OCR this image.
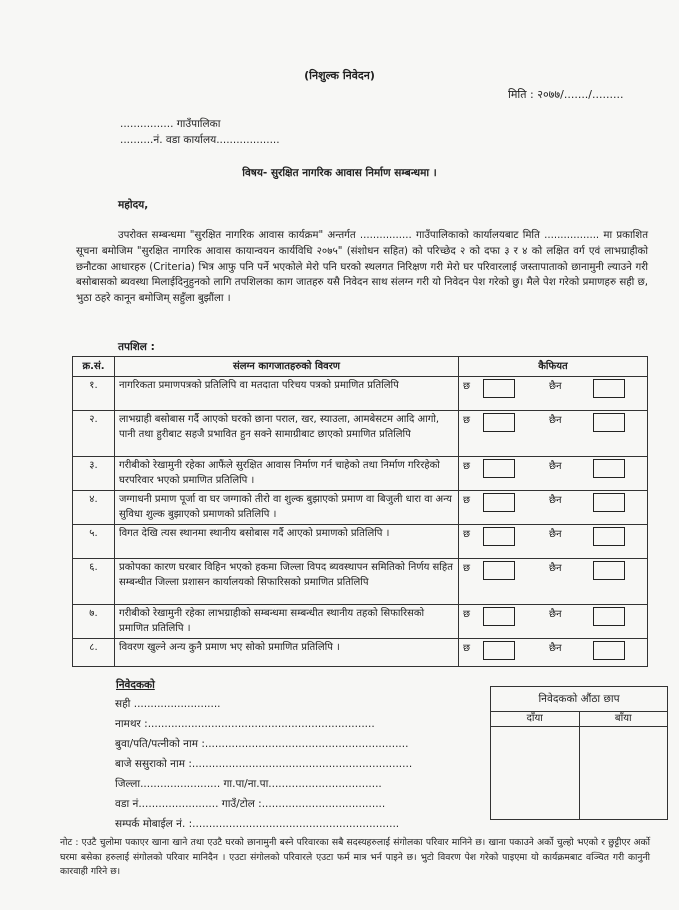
(निशुल्क निवेदन)
मिति : २०७७/......./.........
................ गाउँपालिका
..........नं. वडा कार्यालय...................
विषय- सुरक्षित नागरिक आवास निर्माण सम्बन्धमा ।
महोदय,
उपरोक्त सम्बन्धमा "सुरक्षित नागरिक आवास कार्यक्रम" अन्तर्गत ................ गाउँपालिकाको कार्यालयबाट मिति ................. मा प्रकाशित सूचना बमोजिम "सुरक्षित नागरिक आवास कायान्वयन कार्यविधि २०७५" (संशोधन सहित) को परिच्छेद २ को दफा ३ र ४ को लक्षित वर्ग एवं लाभग्राहीको छनौटका आधारहरु (Criteria) भित्र आफु पनि पर्ने भएकोले मेरो पनि घरको स्थलगत निरिक्षण गरी मेरो घर परिवारलाई जस्तापाताको छानामुनी ल्याउने गरी बसोबासको ब्यवस्था मिलाईदिनुहुनको लागि तपशिलका काग जातहरु यसै निवेदन साथ संलग्न गरी यो निवेदन पेश गरेको छु। मैले पेश गरेको प्रमाणहरु सही छ, भुठा ठहरे कानून बमोजिम् सहुँला बुझौंला ।
तपशिल :
क्र.सं.	संलग्न कागजातहरुको विवरण	कैफियत
१.	नागरिकता प्रमाणपत्रको प्रतिलिपि वा मतदाता परिचय पत्रको प्रमाणित प्रतिलिपि	छ छैन

२.	लाभग्राही बसोबास गर्दै आएको घरको छाना पराल, खर, स्याउला, आमबेसटम आदि आगो, पानी तथा हुरीबाट सहजै प्रभावित हुन सक्ने सामाग्रीबाट छाएको प्रमाणित प्रतिलिपि	छ छैन

३.	गरीबीको रेखामुनी रहेका आफैंले सुरक्षित आवास निर्माण गर्न चाहेको तथा निर्माण गरिरहेको घरपरिवार भएको प्रमाणित प्रतिलिपि ।	छ छैन

४.	जग्गाधनी प्रमाण पूर्जा वा घर जग्गाको तीरो वा शुल्क बुझाएको प्रमाण वा बिजुली धारा वा अन्य सुविधा शुल्क बुझाएको प्रमाणको प्रतिलिपि ।	छ छैन

५.	विगत देखि त्यस स्थानमा स्थानीय बसोबास गर्दै आएको प्रमाणको प्रतिलिपि ।	छ छैन

६.	प्रकोपका कारण घरबार विहिन भएको हकमा जिल्ला विपद ब्यवस्थापन समितिको निर्णय सहित सम्बन्धीत जिल्ला प्रशासन कार्यालयको सिफारिसको प्रमाणित प्रतिलिपि	छ छैन

७.	गरीबीको रेखामुनी रहेका लाभग्राहीको सम्बन्धमा सम्बन्धीत स्थानीय तहको सिफारिसको प्रमाणित प्रतिलिपि ।	छ छैन

८.	विवरण खुल्ने अन्य कुनै प्रमाण भए सोको प्रमाणित प्रतिलिपि ।	छ छैन
निवेदकको
सही ..........................
नामथर :....................................................................
बुवा/पति/पत्नीको नाम :.............................................................
बाजे ससुराको नाम :..................................................................
जिल्ला........................ गा.पा/ना.पा..................................
वडा नं........................ गाउँ/टोल :.....................................
सम्पर्क मोबाईल नं. :..............................................................
निवेदकको औंठा छाप
दाँया	बाँया
नोट : एउटै चुलोमा पकाएर खाना खाने तथा एउटै घरको छानामुनी बस्ने परिवारका सबै सदस्यहरुलाई संगोलका परिवार मानिने छ। खाना पकाउने अर्को चुल्हो भएको र छुट्टीएर अर्को घरमा बसेका हरुलाई संगोलको परिवार मानिदैन । एउटा संगोलको परिवारले एउटा फर्म मात्र भर्न पाइने छ। भुटो विवरण पेश गरेको पाइएमा यो कार्यक्रमबाट वञ्चित गरी कानुनी कारवाही गरिने छ।
